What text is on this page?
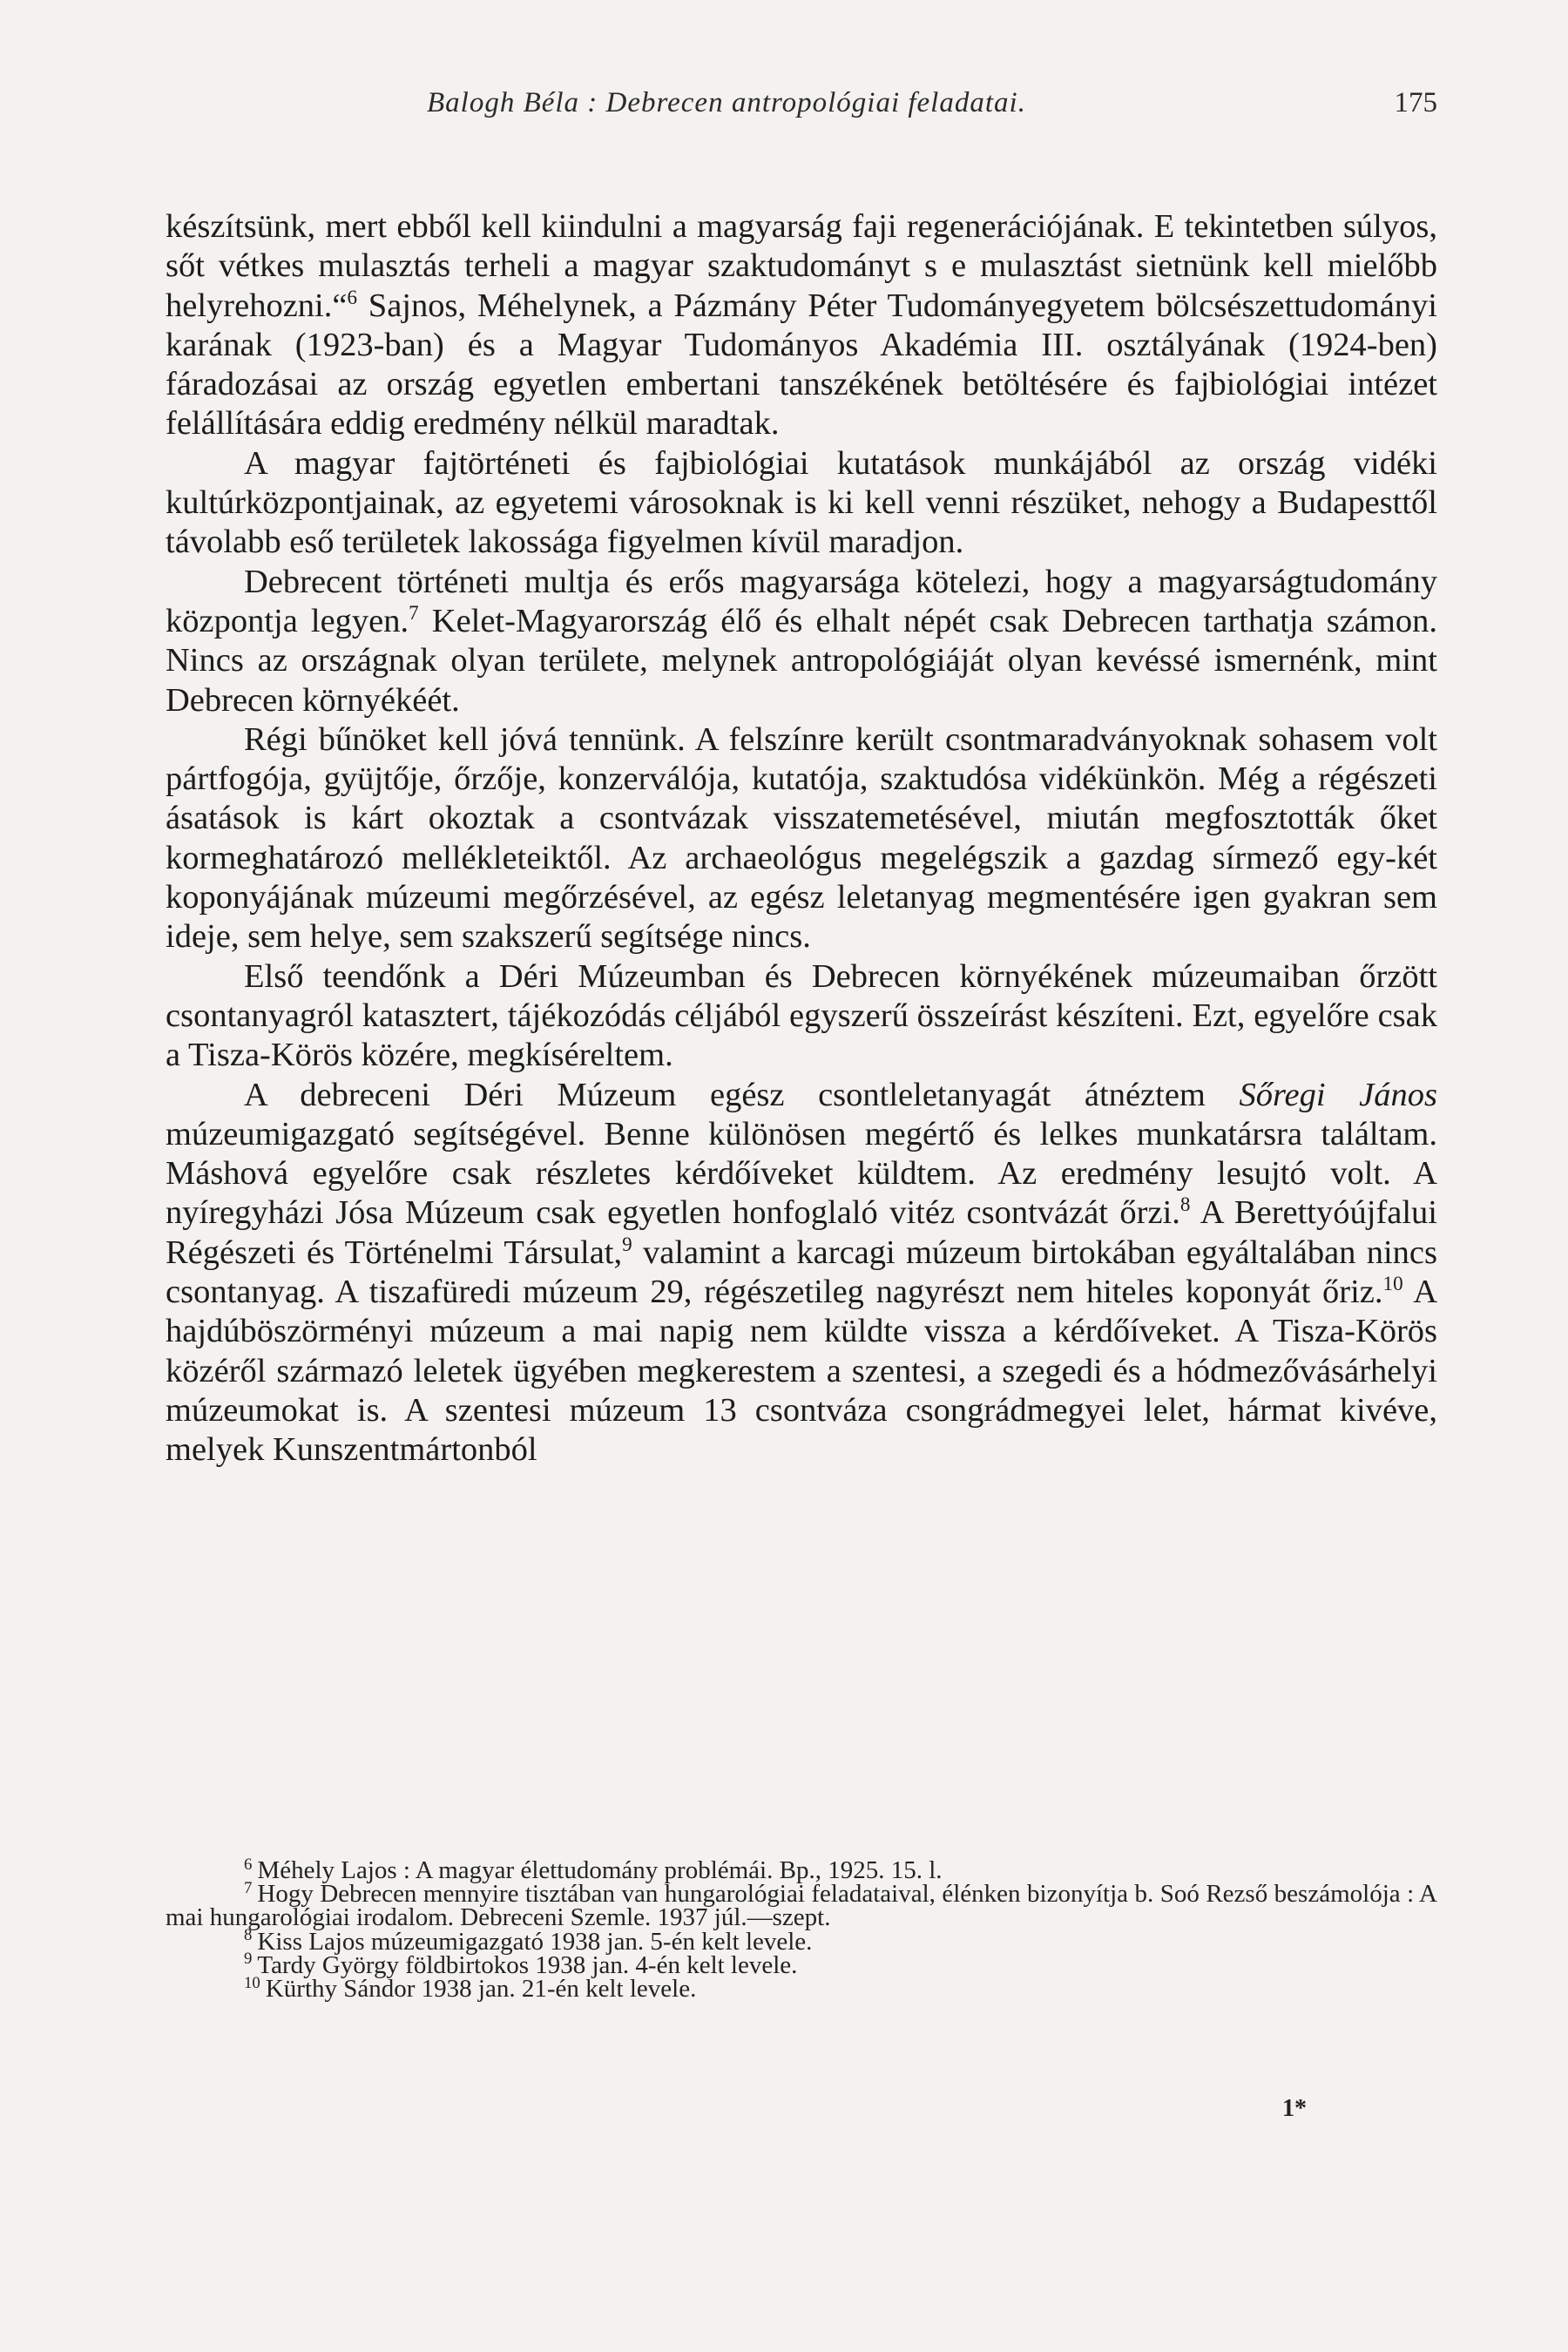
Balogh Béla : Debrecen antropológiai feladatai.	175

készítsünk, mert ebből kell kiindulni a magyarság faji regenerációjának. E tekintetben súlyos, sőt vétkes mulasztás terheli a magyar szaktudományt s e mulasztást sietnünk kell mielőbb helyrehozni.“$^6$ Sajnos, Méhelynek, a Pázmány Péter Tudományegyetem bölcsészettudományi karának (1923-ban) és a Magyar Tudományos Akadémia III. osztályának (1924-ben) fáradozásai az ország egyetlen embertani tanszékének betöltésére és fajbiológiai intézet felállítására eddig eredmény nélkül maradtak.

A magyar fajtörténeti és fajbiológiai kutatások munkájából az ország vidéki kultúrközpontjainak, az egyetemi városoknak is ki kell venni részüket, nehogy a Budapesttől távolabb eső területek lakossága figyelmen kívül maradjon.

Debrecent történeti multja és erős magyarsága kötelezi, hogy a magyarságtudomány központja legyen.$^7$ Kelet-Magyarország élő és elhalt népét csak Debrecen tarthatja számon. Nincs az országnak olyan területe, melynek antropológiáját olyan kevéssé ismernénk, mint Debrecen környékéét.

Régi bűnöket kell jóvá tennünk. A felszínre került csontmaradványoknak sohasem volt pártfogója, gyüjtője, őrzője, konzerválója, kutatója, szaktudósa vidékünkön. Még a régészeti ásatások is kárt okoztak a csontvázak visszatemetésével, miután megfosztották őket kormeghatározó mellékleteiktől. Az archaeológus megelégszik a gazdag sírmező egy-két koponyájának múzeumi megőrzésével, az egész leletanyag megmentésére igen gyakran sem ideje, sem helye, sem szakszerű segítsége nincs.

Első teendőnk a Déri Múzeumban és Debrecen környékének múzeumaiban őrzött csontanyagról katasztert, tájékozódás céljából egyszerű összeírást készíteni. Ezt, egyelőre csak a Tisza-Körös közére, megkíséreltem.

A debreceni Déri Múzeum egész csontleletanyagát átnéztem Sőregi János múzeumigazgató segítségével. Benne különösen megértő és lelkes munkatársra találtam. Máshová egyelőre csak részletes kérdőíveket küldtem. Az eredmény lesujtó volt. A nyíregyházi Jósa Múzeum csak egyetlen honfoglaló vitéz csontvázát őrzi.$^8$ A Berettyóújfalui Régészeti és Történelmi Társulat,$^9$ valamint a karcagi múzeum birtokában egyáltalában nincs csontanyag. A tiszafüredi múzeum 29, régészetileg nagyrészt nem hiteles koponyát őriz.$^{10}$ A hajdúböszörményi múzeum a mai napig nem küldte vissza a kérdőíveket. A Tisza-Körös közéről származó leletek ügyében megkerestem a szentesi, a szegedi és a hódmezővásárhelyi múzeumokat is. A szentesi múzeum 13 csontváza csongrádmegyei lelet, hármat kivéve, melyek Kunszentmártonból

$^6$ Méhely Lajos : A magyar élettudomány problémái. Bp., 1925. 15. l.

$^7$ Hogy Debrecen mennyire tisztában van hungarológiai feladataival, élénken bizonyítja b. Soó Rezső beszámolója : A mai hungarológiai irodalom. Debreceni Szemle. 1937 júl.—szept.

$^8$ Kiss Lajos múzeumigazgató 1938 jan. 5-én kelt levele.

$^9$ Tardy György földbirtokos 1938 jan. 4-én kelt levele.

$^{10}$ Kürthy Sándor 1938 jan. 21-én kelt levele.

1*
